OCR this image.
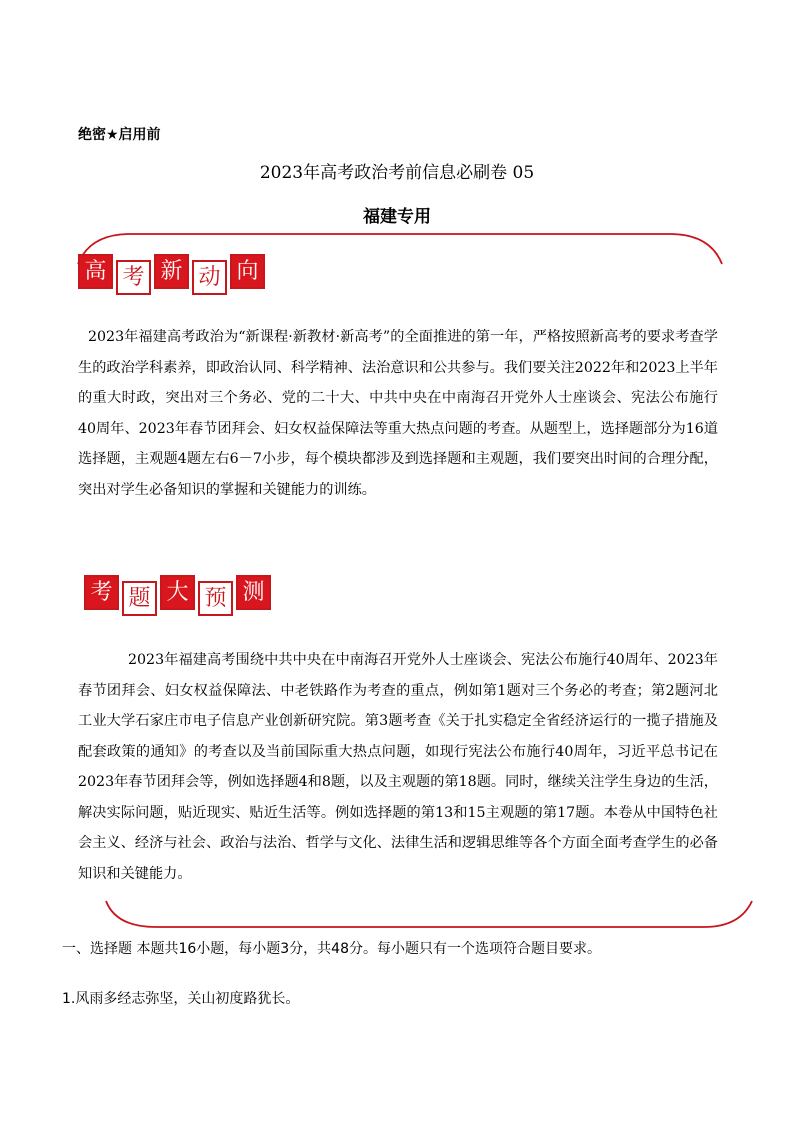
绝密★启用前
2023年高考政治考前信息必刷卷 05
福建专用
高 考 新 动 向

2023年福建高考政治为“新课程·新教材·新高考”的全面推进的第一年，严格按照新高考的要求考查学生的政治学科素养，即政治认同、科学精神、法治意识和公共参与。我们要关注2022年和2023上半年的重大时政，突出对三个务必、党的二十大、中共中央在中南海召开党外人士座谈会、宪法公布施行40周年、2023年春节团拜会、妇女权益保障法等重大热点问题的考查。从题型上，选择题部分为16道选择题，主观题4题左右6－7小步，每个模块都涉及到选择题和主观题，我们要突出时间的合理分配，突出对学生必备知识的掌握和关键能力的训练。

考 题 大 预 测

2023年福建高考围绕中共中央在中南海召开党外人士座谈会、宪法公布施行40周年、2023年春节团拜会、妇女权益保障法、中老铁路作为考查的重点，例如第1题对三个务必的考查；第2题河北工业大学石家庄市电子信息产业创新研究院。第3题考查《关于扎实稳定全省经济运行的一揽子措施及配套政策的通知》的考查以及当前国际重大热点问题，如现行宪法公布施行40周年，习近平总书记在2023年春节团拜会等，例如选择题4和8题，以及主观题的第18题。同时，继续关注学生身边的生活，解决实际问题，贴近现实、贴近生活等。例如选择题的第13和15主观题的第17题。本卷从中国特色社会主义、经济与社会、政治与法治、哲学与文化、法律生活和逻辑思维等各个方面全面考查学生的必备知识和关键能力。

一、选择题 本题共16小题，每小题3分，共48分。每小题只有一个选项符合题目要求。
1.风雨多经志弥坚，关山初度路犹长。
